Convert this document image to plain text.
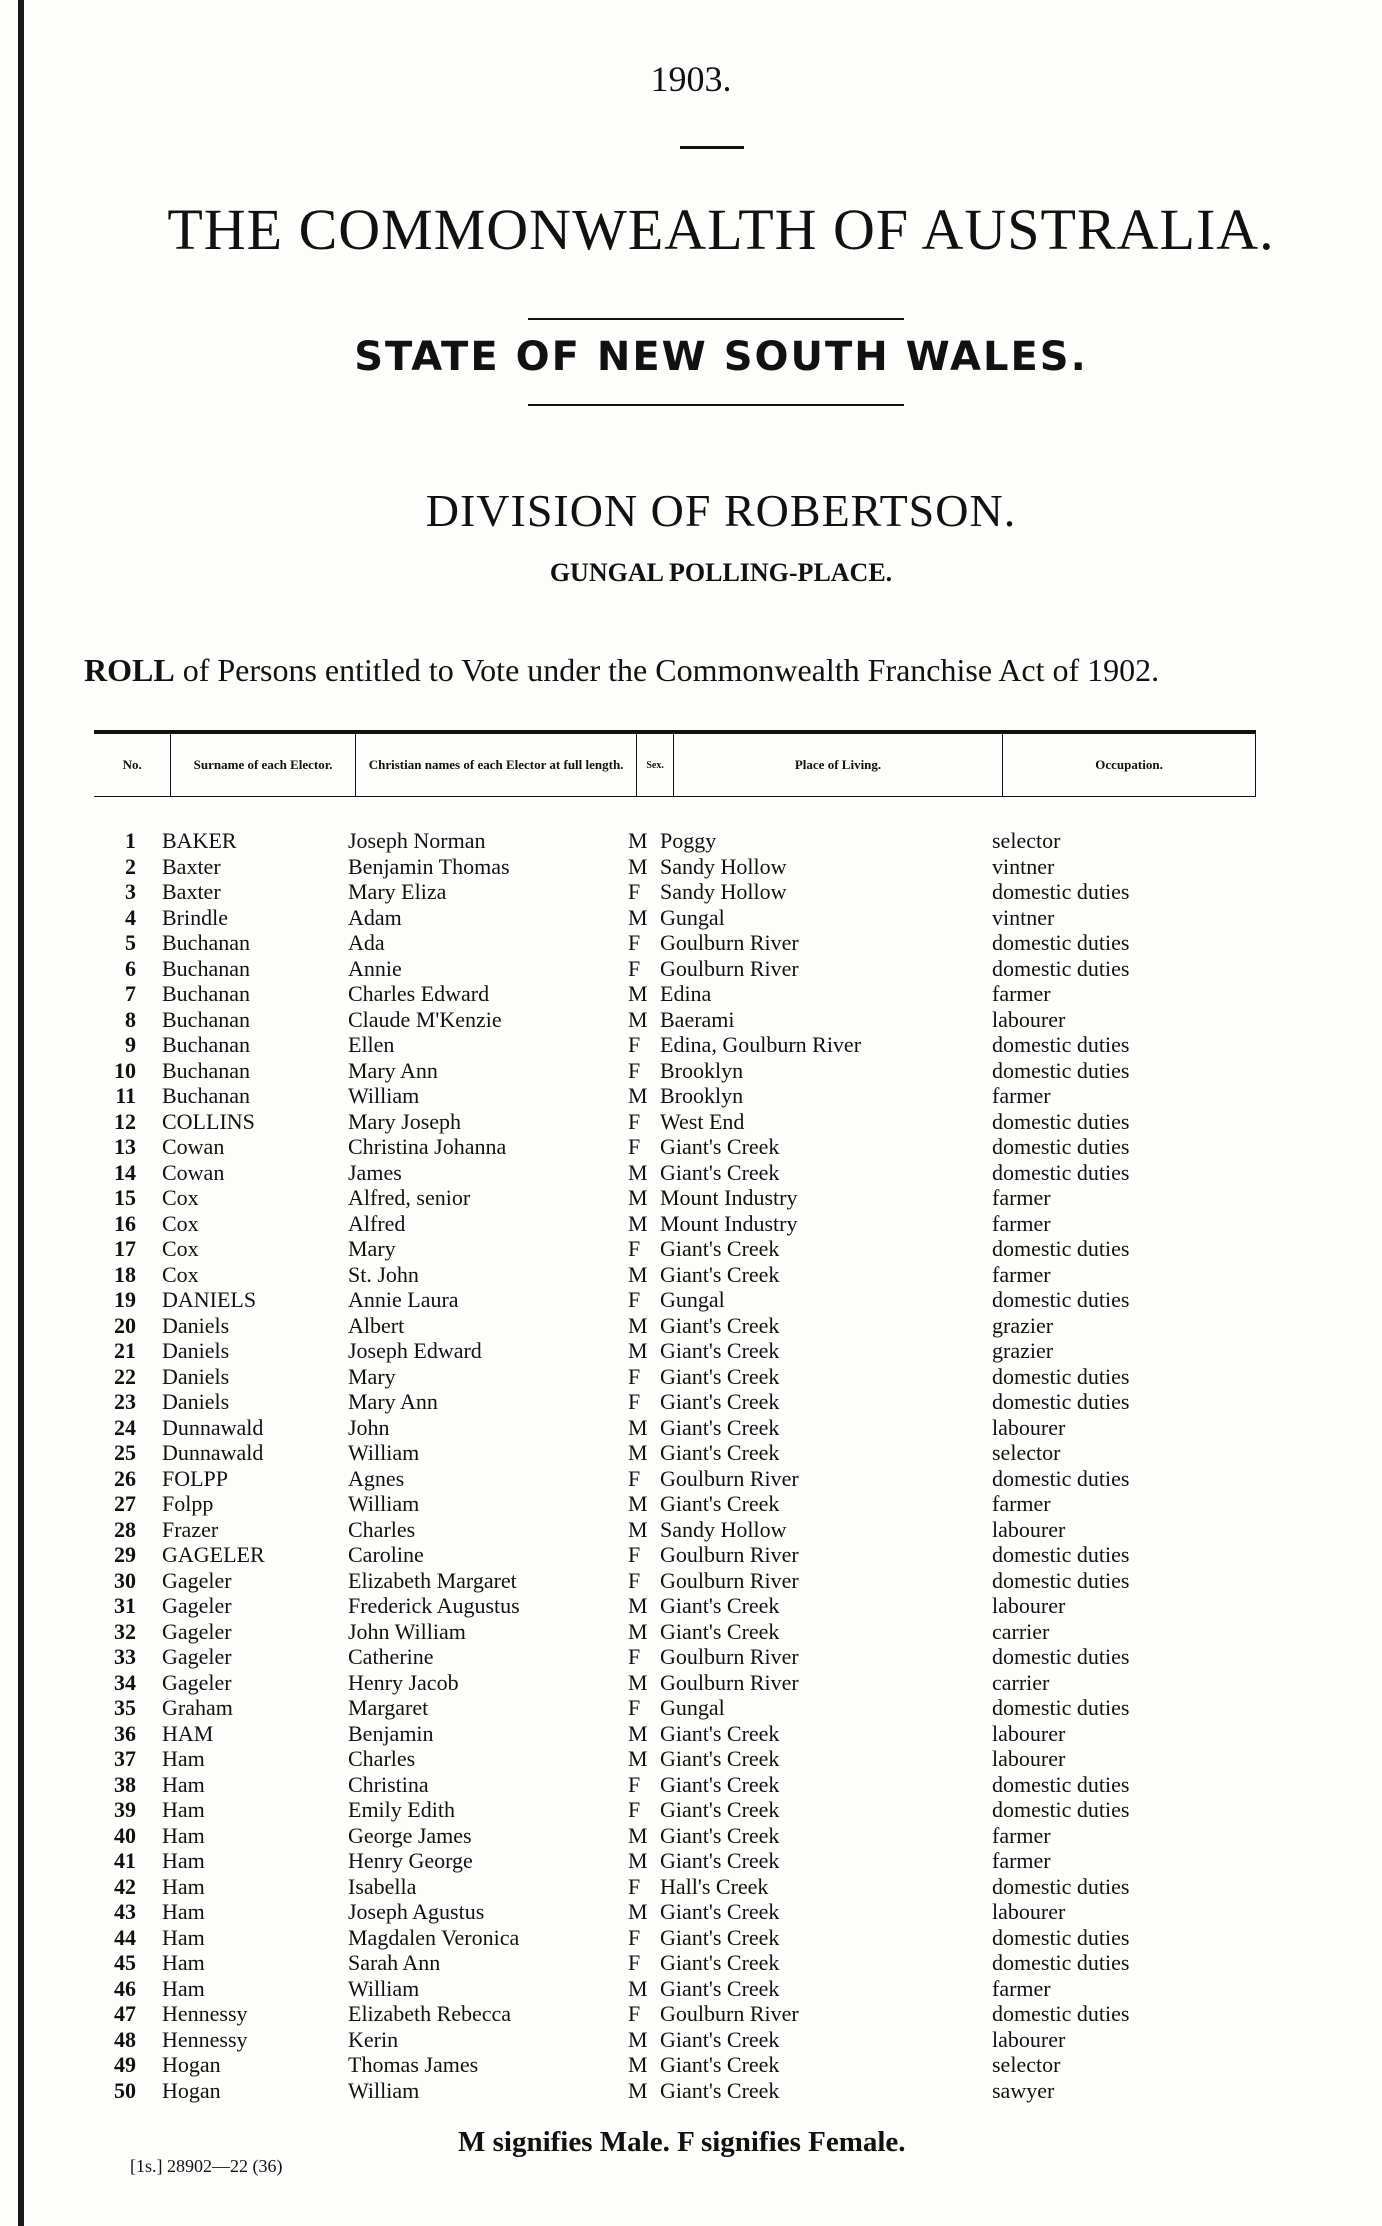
1903.
THE COMMONWEALTH OF AUSTRALIA.
STATE OF NEW SOUTH WALES.
DIVISION OF ROBERTSON.
GUNGAL POLLING-PLACE.
ROLL of Persons entitled to Vote under the Commonwealth Franchise Act of 1902.
No.	Surname of each Elector.	Christian names of each Elector at full length.	Sex.	Place of Living.	Occupation.
1 BAKER	Joseph Norman	M Poggy	selector
2 Baxter	Benjamin Thomas	M Sandy Hollow	vintner
3 Baxter	Mary Eliza	F Sandy Hollow	domestic duties
4 Brindle	Adam	M Gungal	vintner
5 Buchanan	Ada	F Goulburn River	domestic duties
6 Buchanan	Annie	F Goulburn River	domestic duties
7 Buchanan	Charles Edward	M Edina	farmer
8 Buchanan	Claude M'Kenzie	M Baerami	labourer
9 Buchanan	Ellen	F Edina, Goulburn River	domestic duties
10 Buchanan	Mary Ann	F Brooklyn	domestic duties
11 Buchanan	William	M Brooklyn	farmer
12 COLLINS	Mary Joseph	F West End	domestic duties
13 Cowan	Christina Johanna	F Giant's Creek	domestic duties
14 Cowan	James	M Giant's Creek	domestic duties
15 Cox	Alfred, senior	M Mount Industry	farmer
16 Cox	Alfred	M Mount Industry	farmer
17 Cox	Mary	F Giant's Creek	domestic duties
18 Cox	St. John	M Giant's Creek	farmer
19 DANIELS	Annie Laura	F Gungal	domestic duties
20 Daniels	Albert	M Giant's Creek	grazier
21 Daniels	Joseph Edward	M Giant's Creek	grazier
22 Daniels	Mary	F Giant's Creek	domestic duties
23 Daniels	Mary Ann	F Giant's Creek	domestic duties
24 Dunnawald	John	M Giant's Creek	labourer
25 Dunnawald	William	M Giant's Creek	selector
26 FOLPP	Agnes	F Goulburn River	domestic duties
27 Folpp	William	M Giant's Creek	farmer
28 Frazer	Charles	M Sandy Hollow	labourer
29 GAGELER	Caroline	F Goulburn River	domestic duties
30 Gageler	Elizabeth Margaret	F Goulburn River	domestic duties
31 Gageler	Frederick Augustus	M Giant's Creek	labourer
32 Gageler	John William	M Giant's Creek	carrier
33 Gageler	Catherine	F Goulburn River	domestic duties
34 Gageler	Henry Jacob	M Goulburn River	carrier
35 Graham	Margaret	F Gungal	domestic duties
36 HAM	Benjamin	M Giant's Creek	labourer
37 Ham	Charles	M Giant's Creek	labourer
38 Ham	Christina	F Giant's Creek	domestic duties
39 Ham	Emily Edith	F Giant's Creek	domestic duties
40 Ham	George James	M Giant's Creek	farmer
41 Ham	Henry George	M Giant's Creek	farmer
42 Ham	Isabella	F Hall's Creek	domestic duties
43 Ham	Joseph Agustus	M Giant's Creek	labourer
44 Ham	Magdalen Veronica	F Giant's Creek	domestic duties
45 Ham	Sarah Ann	F Giant's Creek	domestic duties
46 Ham	William	M Giant's Creek	farmer
47 Hennessy	Elizabeth Rebecca	F Goulburn River	domestic duties
48 Hennessy	Kerin	M Giant's Creek	labourer
49 Hogan	Thomas James	M Giant's Creek	selector
50 Hogan	William	M Giant's Creek	sawyer
M signifies Male. F signifies Female.
[1s.] 28902—22 (36)
